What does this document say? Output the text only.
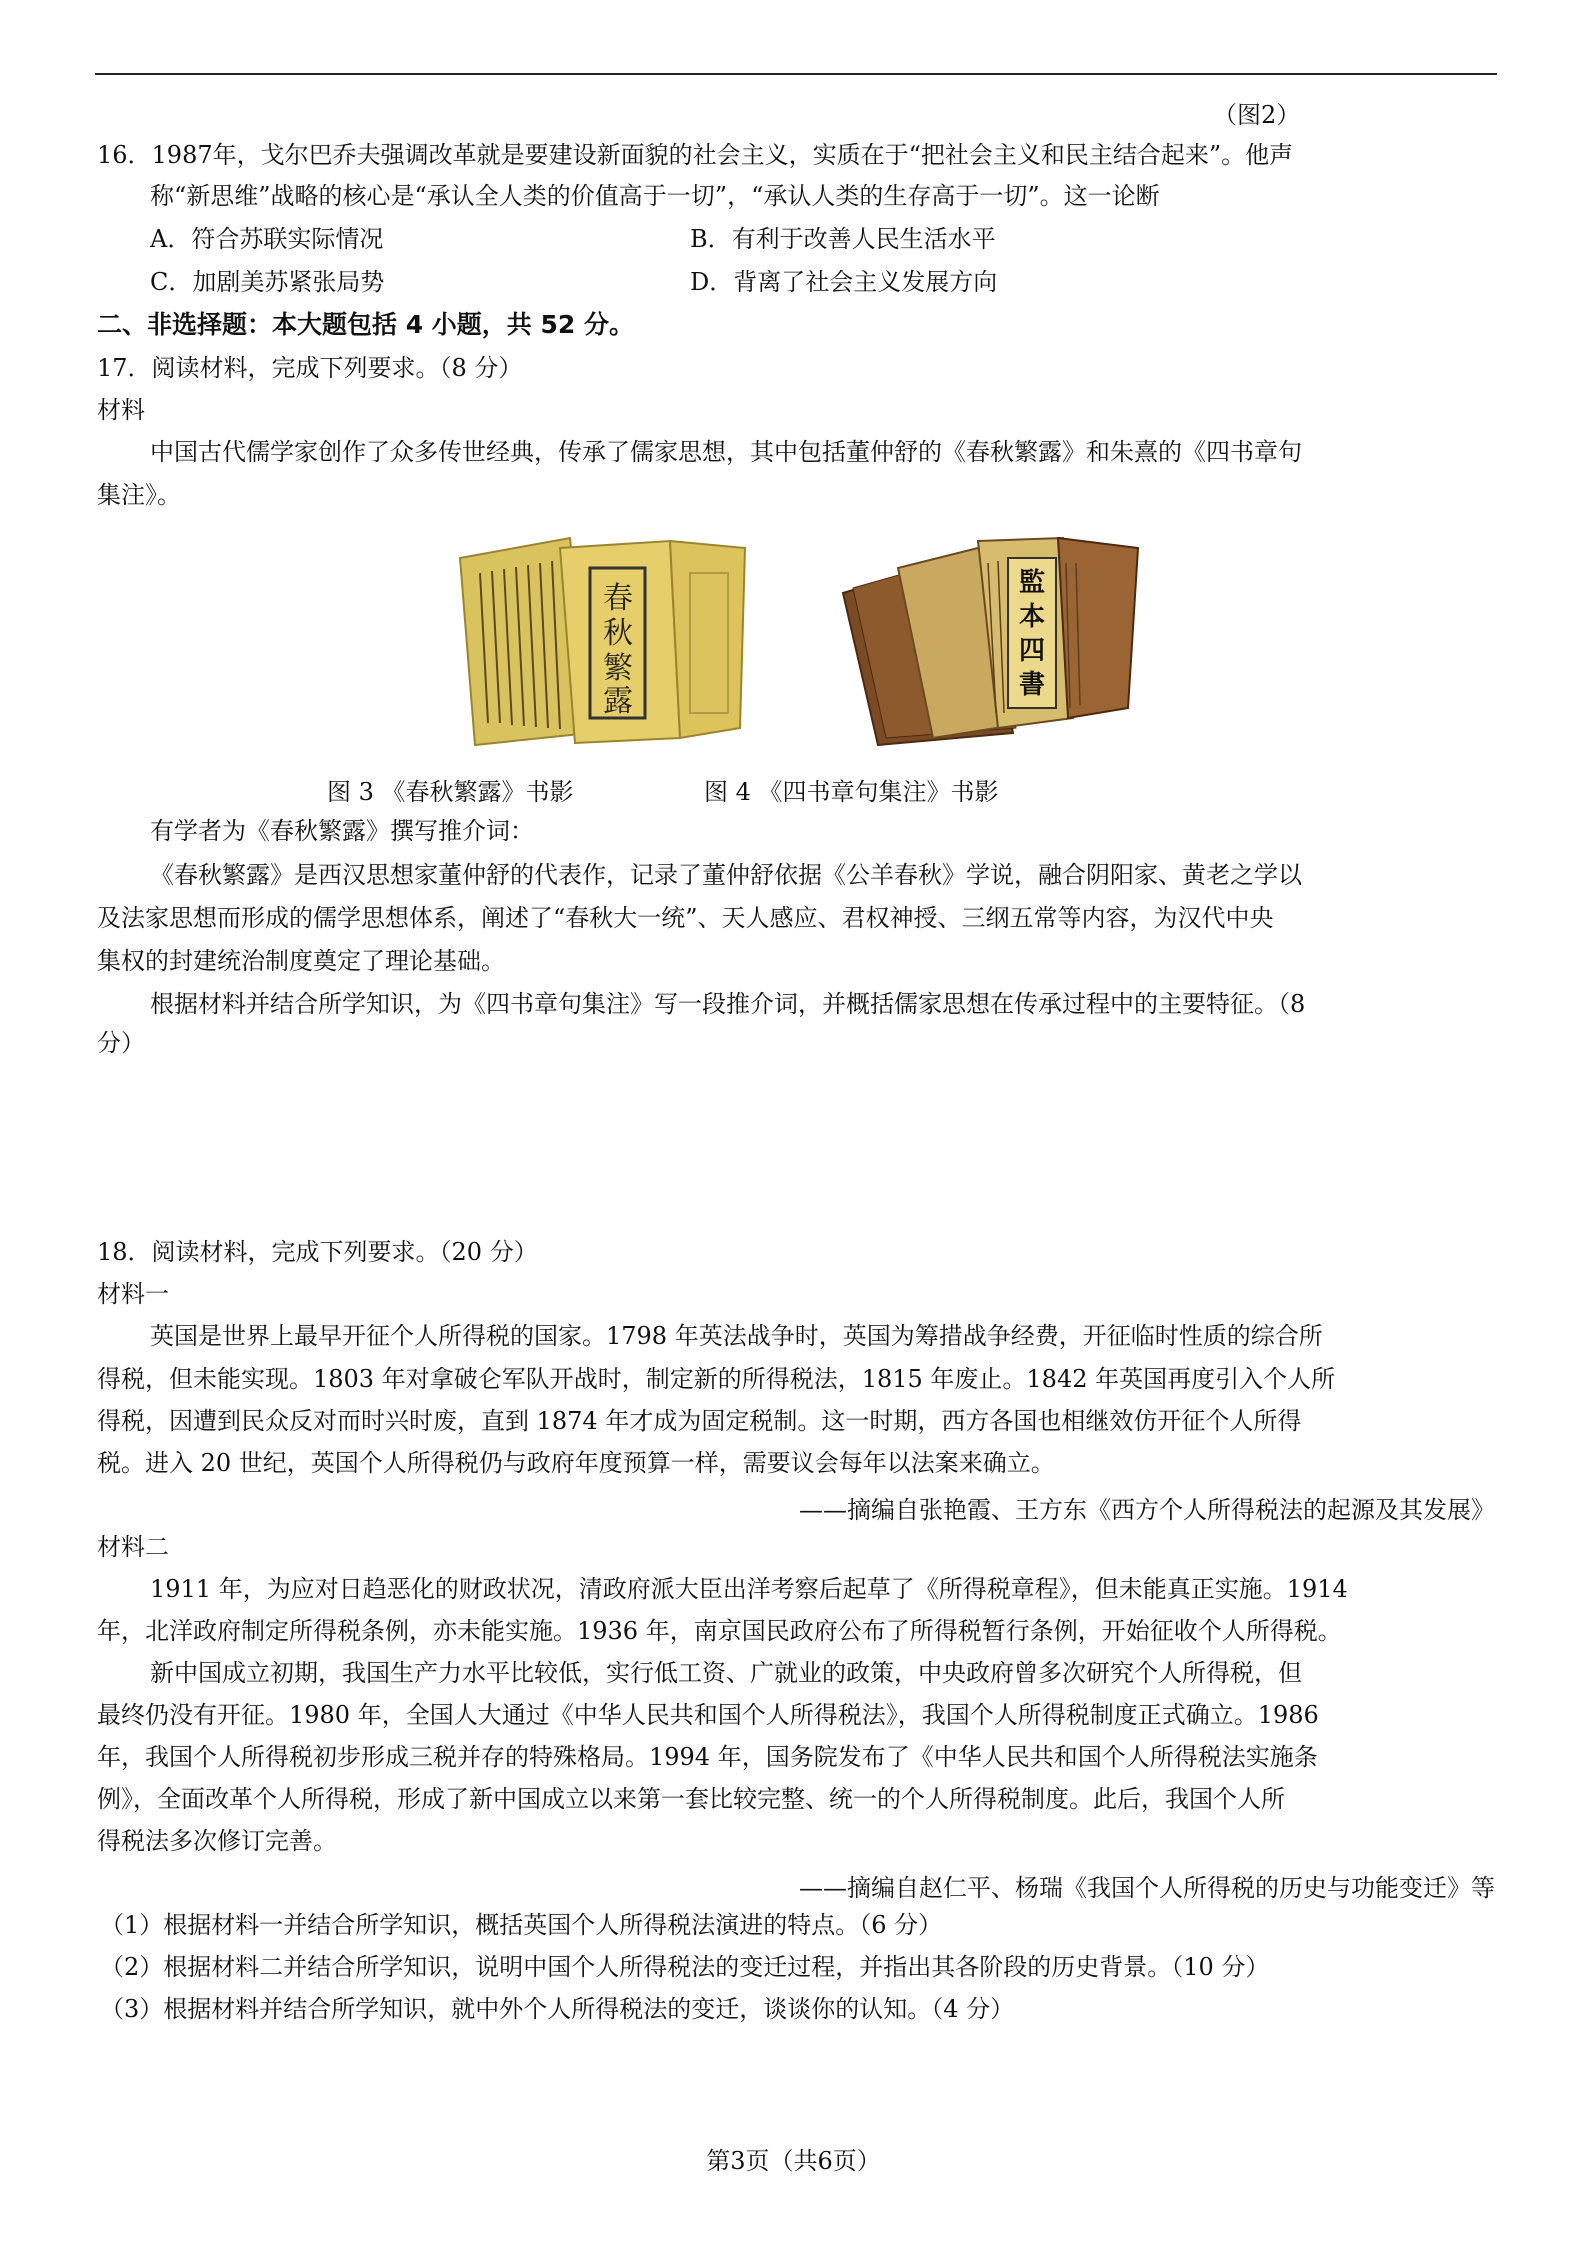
（图2）
16．1987年，戈尔巴乔夫强调改革就是要建设新面貌的社会主义，实质在于“把社会主义和民主结合起来”。他声
称“新思维”战略的核心是“承认全人类的价值高于一切”，“承认人类的生存高于一切”。这一论断
A．符合苏联实际情况	B．有利于改善人民生活水平
C．加剧美苏紧张局势	D．背离了社会主义发展方向
二、非选择题：本大题包括 4 小题，共 52 分。
17．阅读材料，完成下列要求。（8 分）
材料
中国古代儒学家创作了众多传世经典，传承了儒家思想，其中包括董仲舒的《春秋繁露》和朱熹的《四书章句
集注》。
春
秋
繁
露
監
本
四
書
图 3 《春秋繁露》书影	图 4 《四书章句集注》书影
有学者为《春秋繁露》撰写推介词：
《春秋繁露》是西汉思想家董仲舒的代表作，记录了董仲舒依据《公羊春秋》学说，融合阴阳家、黄老之学以
及法家思想而形成的儒学思想体系，阐述了“春秋大一统”、天人感应、君权神授、三纲五常等内容，为汉代中央
集权的封建统治制度奠定了理论基础。
根据材料并结合所学知识，为《四书章句集注》写一段推介词，并概括儒家思想在传承过程中的主要特征。（8
分）
18．阅读材料，完成下列要求。（20 分）
材料一
英国是世界上最早开征个人所得税的国家。1798 年英法战争时，英国为筹措战争经费，开征临时性质的综合所
得税，但未能实现。1803 年对拿破仑军队开战时，制定新的所得税法，1815 年废止。1842 年英国再度引入个人所
得税，因遭到民众反对而时兴时废，直到 1874 年才成为固定税制。这一时期，西方各国也相继效仿开征个人所得
税。进入 20 世纪，英国个人所得税仍与政府年度预算一样，需要议会每年以法案来确立。
——摘编自张艳霞、王方东《西方个人所得税法的起源及其发展》
材料二
1911 年，为应对日趋恶化的财政状况，清政府派大臣出洋考察后起草了《所得税章程》，但未能真正实施。1914
年，北洋政府制定所得税条例，亦未能实施。1936 年，南京国民政府公布了所得税暂行条例，开始征收个人所得税。
新中国成立初期，我国生产力水平比较低，实行低工资、广就业的政策，中央政府曾多次研究个人所得税，但
最终仍没有开征。1980 年，全国人大通过《中华人民共和国个人所得税法》，我国个人所得税制度正式确立。1986
年，我国个人所得税初步形成三税并存的特殊格局。1994 年，国务院发布了《中华人民共和国个人所得税法实施条
例》，全面改革个人所得税，形成了新中国成立以来第一套比较完整、统一的个人所得税制度。此后，我国个人所
得税法多次修订完善。
——摘编自赵仁平、杨瑞《我国个人所得税的历史与功能变迁》等
（1）根据材料一并结合所学知识，概括英国个人所得税法演进的特点。（6 分）
（2）根据材料二并结合所学知识，说明中国个人所得税法的变迁过程，并指出其各阶段的历史背景。（10 分）
（3）根据材料并结合所学知识，就中外个人所得税法的变迁，谈谈你的认知。（4 分）
第3页（共6页）
